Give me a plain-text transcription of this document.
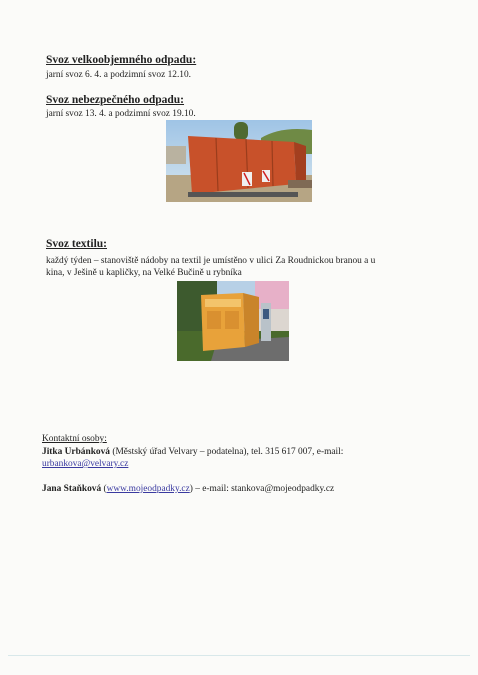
Svoz velkoobjemného odpadu:
jarní svoz 6. 4. a podzimní svoz 12.10.
Svoz nebezpečného odpadu:
jarní svoz 13. 4. a podzimní svoz 19.10.
Svoz textilu:
každý týden – stanoviště nádoby na textil je umístěno v ulici Za Roudnickou branou a u
kina, v Ješině u kapličky, na Velké Bučině u rybníka
Kontaktní osoby:
Jitka Urbánková (Městský úřad Velvary – podatelna), tel. 315 617 007, e-mail:
urbankova@velvary.cz
Jana Staňková (www.mojeodpadky.cz) – e-mail: stankova@mojeodpadky.cz
